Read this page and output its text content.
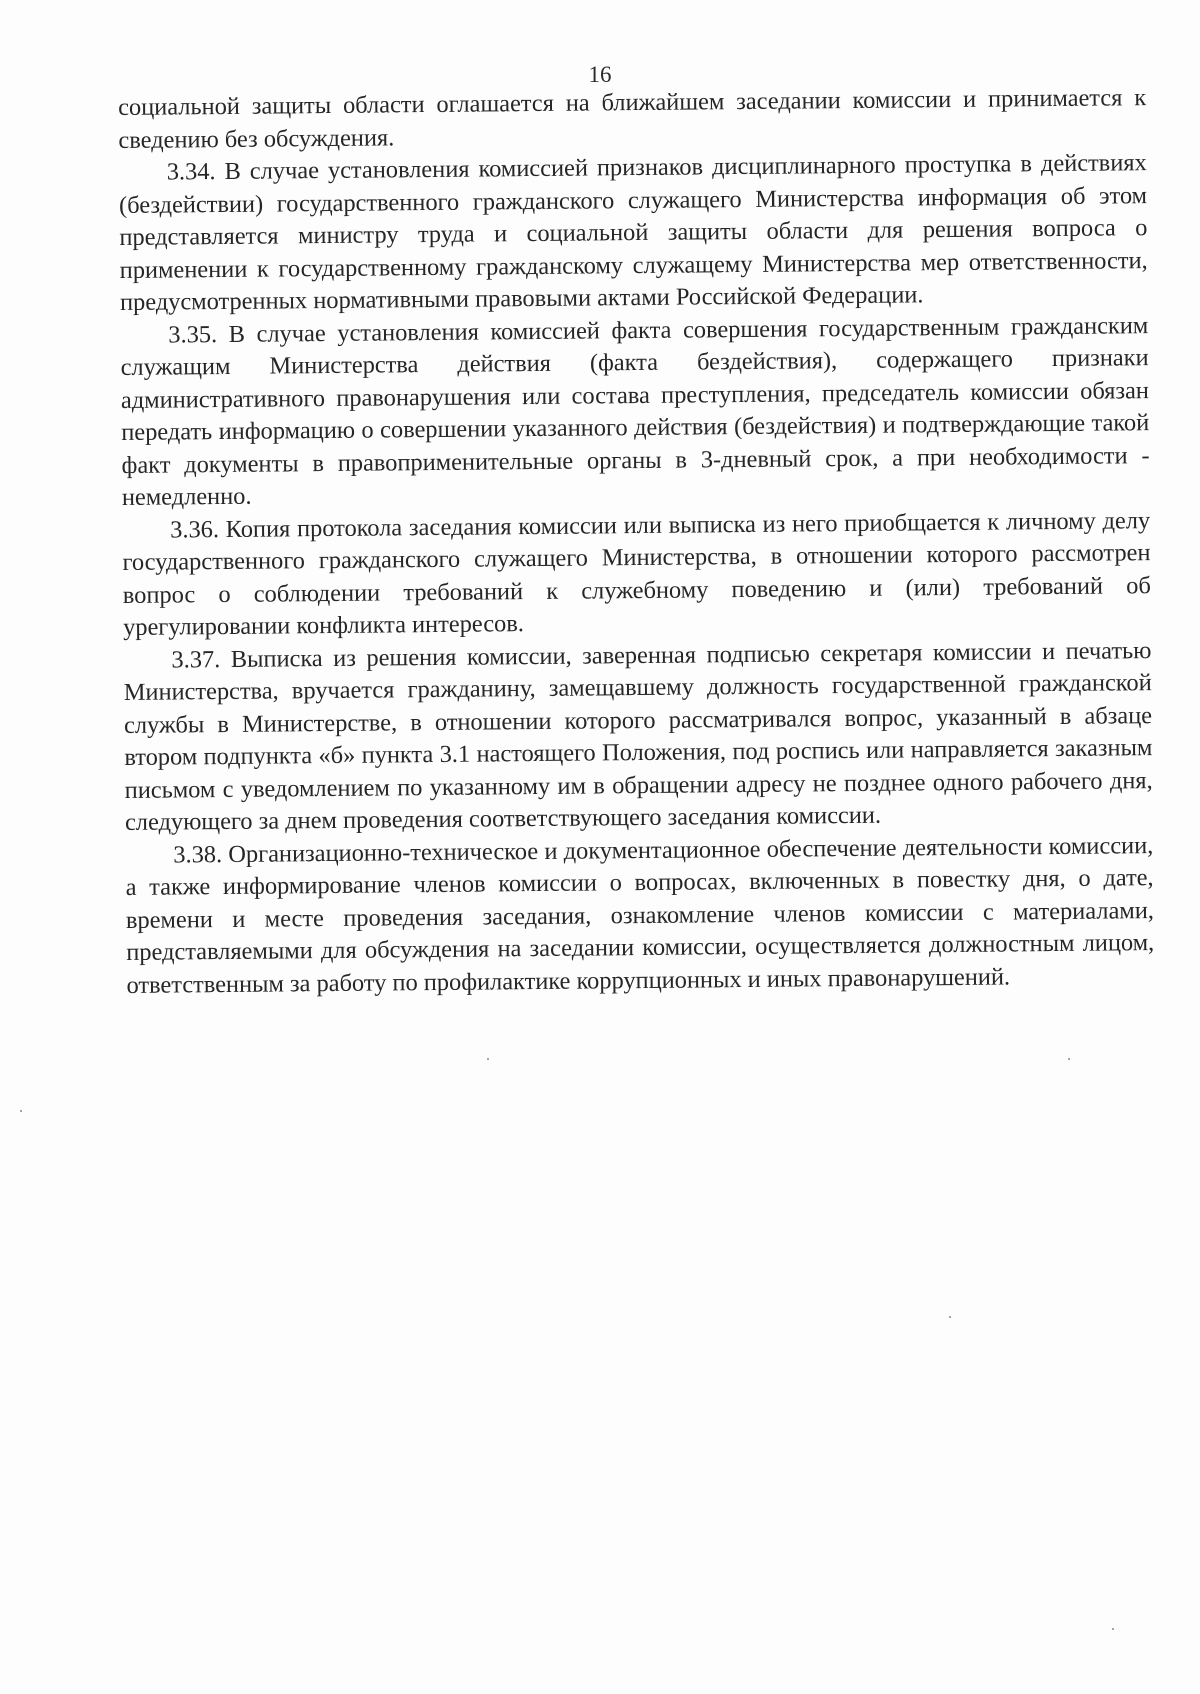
16

социальной защиты области оглашается на ближайшем заседании комиссии и принимается к сведению без обсуждения.

3.34. В случае установления комиссией признаков дисциплинарного проступка в действиях (бездействии) государственного гражданского служащего Министерства информация об этом представляется министру труда и социальной защиты области для решения вопроса о применении к государственному гражданскому служащему Министерства мер ответственности, предусмотренных нормативными правовыми актами Российской Федерации.

3.35. В случае установления комиссией факта совершения государственным гражданским служащим Министерства действия (факта бездействия), содержащего признаки административного правонарушения или состава преступления, председатель комиссии обязан передать информацию о совершении указанного действия (бездействия) и подтверждающие такой факт документы в правоприменительные органы в 3-дневный срок, а при необходимости - немедленно.

3.36. Копия протокола заседания комиссии или выписка из него приобщается к личному делу государственного гражданского служащего Министерства, в отношении которого рассмотрен вопрос о соблюдении требований к служебному поведению и (или) требований об урегулировании конфликта интересов.

3.37. Выписка из решения комиссии, заверенная подписью секретаря комиссии и печатью Министерства, вручается гражданину, замещавшему должность государственной гражданской службы в Министерстве, в отношении которого рассматривался вопрос, указанный в абзаце втором подпункта «б» пункта 3.1 настоящего Положения, под роспись или направляется заказным письмом с уведомлением по указанному им в обращении адресу не позднее одного рабочего дня, следующего за днем проведения соответствующего заседания комиссии.

3.38. Организационно-техническое и документационное обеспечение деятельности комиссии, а также информирование членов комиссии о вопросах, включенных в повестку дня, о дате, времени и месте проведения заседания, ознакомление членов комиссии с материалами, представляемыми для обсуждения на заседании комиссии, осуществляется должностным лицом, ответственным за работу по профилактике коррупционных и иных правонарушений.
